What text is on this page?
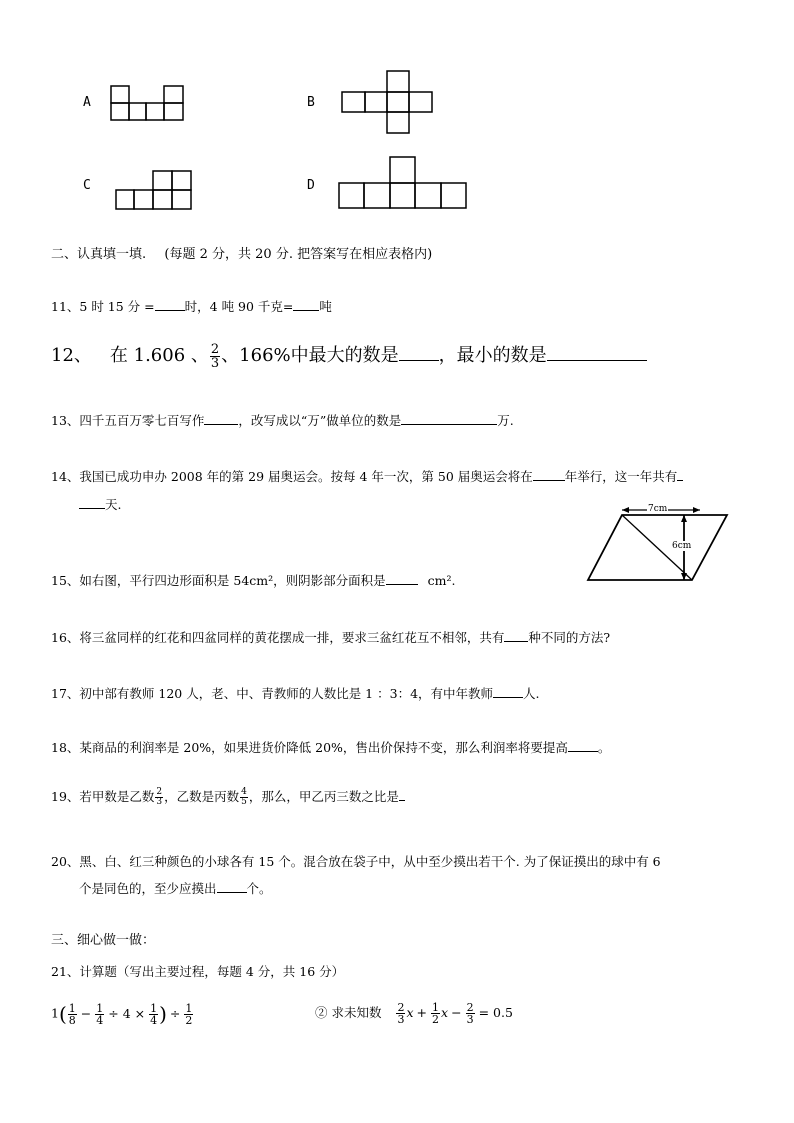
A	B
C	D
二、认真填一填. (每题 2 分，共 20 分. 把答案写在相应表格内)
11、5 时 15 分 = 时，4 吨 90 千克= 吨
12、 在 1.606 、 $\frac{2}{3}$ 、166%中最大的数是 ，最小的数是
13、四千五百万零七百写作	，改写成以“万”做单位的数是	万.
14、我国已成功申办 2008 年的第 29 届奥运会。按每 4 年一次，第 50 届奥运会将在	年举行，这一年共有
天.	7cm
6cm
15、如右图，平行四边形面积是 54cm²，则阴影部分面积是	cm².
16、将三盆同样的红花和四盆同样的黄花摆成一排，要求三盆红花互不相邻，共有 种不同的方法?
17、初中部有教师 120 人，老、中、青教师的人数比是 1 ：3：4，有中年教师 人.
18、某商品的利润率是 20%，如果进货价降低 20%，售出价保持不变，那么利润率将要提高 。
19、若甲数是乙数 $\frac{2}{3}$ ，乙数是丙数 $\frac{4}{5}$ ，那么，甲乙丙三数之比是
20、黑、白、红三种颜色的小球各有 15 个。混合放在袋子中，从中至少摸出若干个. 为了保证摸出的球中有 6
个是同色的，至少应摸出 个。
三、细心做一做：
21、计算题（写出主要过程，每题 4 分，共 16 分）
$1( \frac{1}{8} - \frac{1}{4} \div 4 \times \frac{1}{4}$ ) ÷ $\frac{1}{2}$	② 求未知数 $\frac{2}{3}$ $x + \frac{1}{2}$ $x - \frac{2}{3} = 0.5$
